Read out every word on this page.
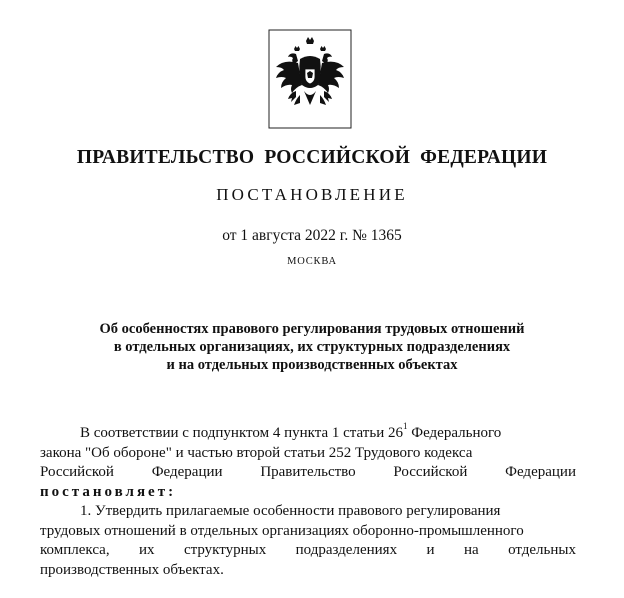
ПРАВИТЕЛЬСТВО РОССИЙСКОЙ ФЕДЕРАЦИИ
ПОСТАНОВЛЕНИЕ
от 1 августа 2022 г. № 1365
МОСКВА
Об особенностях правового регулирования трудовых отношений
в отдельных организациях, их структурных подразделениях
и на отдельных производственных объектах
В соответствии с подпунктом 4 пункта 1 статьи $26^1$ Федерального
закона "Об обороне" и частью второй статьи 252 Трудового кодекса
Российской	Федерации	Правительство	Российской	Федерации
постановляет:
1. Утвердить прилагаемые особенности правового регулирования
трудовых отношений в отдельных организациях оборонно-промышленного
комплекса, их структурных подразделениях и на отдельных
производственных объектах.
